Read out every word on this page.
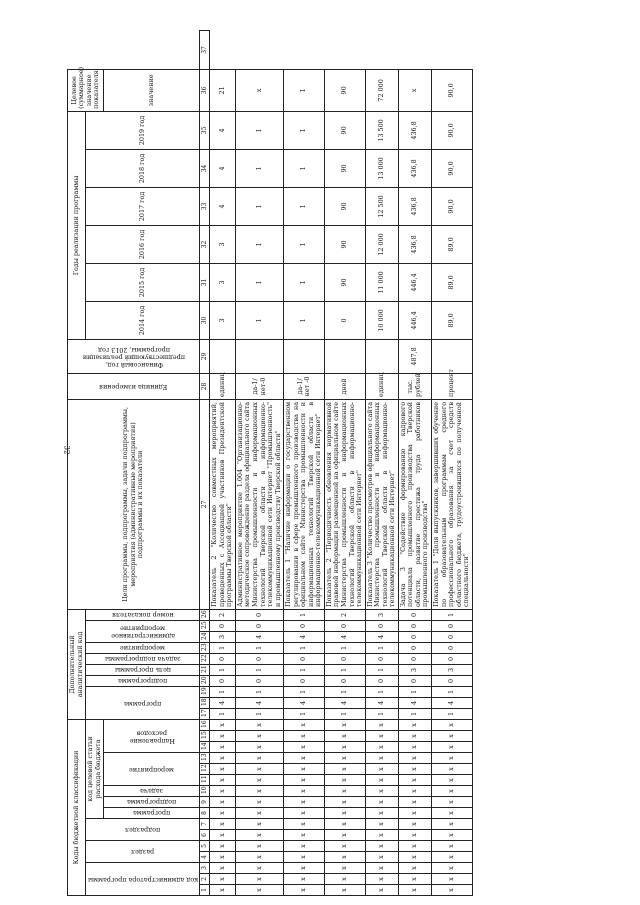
32
Коды бюджетной классификации																Дополнительный аналитический код										Цели программы, подпрограммы, задачи подпрограммы, мероприятия (административные мероприятия) подпрограммы и их показатели	Единица измерения	Финансовый год, предшествующий реализации программы, 2013 год	Годы реализации программы						Целевое (суммарное) значение показателя	

код администратора программы			раздел		подраздел		код целевой статьи расхода бюджета									программа			подпрограмма	цель программы	задача подпрограммы	мероприятие	административное мероприятие		номер показателя				2014 год	2015 год	2016 год	2017 год	2018 год	2019 год		

							программа	подпрограмма	задача	мероприятие			Направление расходов																						значение	
1	2	3	4	5	6	7	8	9	10	11	12	13	14	15	16	17	18	19	20	21	22	23	24	25	26	27	28	29	30	31	32	33	34	35	36	37
х	х	х	х	х	х	х	х	х	х	х	х	х	х	х	х	1	4	1	0	1	0	1	3	0	2	Показатель 2 "Количество совместных мероприятий, проведенных с Ассоциацией участников Президентской программы Тверской области"	единиц		3	3	3	4	4	4	21	
х	х	х	х	х	х	х	х	х	х	х	х	х	х	х	х	1	4	1	0	1	0	1	4	0	0	Административное мероприятие 1.004 "Организационно-методическое сопровождение раздела официального сайта Министерства промышленности и информационных технологий Тверской области в информационно-телекоммуникационной сети Интернет "Промышленность" и промышленному производству Тверской области"	да-1/ нет-0		1	1	1	1	1	1	х	
х	х	х	х	х	х	х	х	х	х	х	х	х	х	х	х	1	4	1	0	1	0	1	4	0	1	Показатель 1 "Наличие информации о государственном регулировании в сфере промышленного производства на официальном сайте Министерства промышленности и информационных технологий Тверской области в информационно-телекоммуникационной сети Интернет"	да-1/ нет -0		1	1	1	1	1	1	1	
х	х	х	х	х	х	х	х	х	х	х	х	х	х	х	х	1	4	1	0	1	0	1	4	0	2	Показатель 2 "Периодичность обновления нормативной правовой информации размещенной на официальном сайте Министерства промышленности и информационных технологий Тверской области в информационно-телекоммуникационной сети Интернет"	дней		0	90	90	90	90	90	90	
х	х	х	х	х	х	х	х	х	х	х	х	х	х	х	х	1	4	1	0	1	0	1	4	0	3	Показатель 3 "Количество просмотров официального сайта Министерства промышленности и информационных технологий Тверской области в информационно-телекоммуникационной сети Интернет"	единиц		10 000	11 000	12 000	12 500	13 000	13 500	72 000	
х	х	х	х	х	х	х	х	х	х	х	х	х	х	х	х	1	4	1	0	3	0	0	0	0	0	Задача 3 "Содействие формированию кадрового потенциала промышленного производства Тверской области, развитие престижа труда работников промышленного производства"	тыс. рублей	487,8	446,4	446,4	436,8	436,8	436,8	436,8	х	
х	х	х	х	х	х	х	х	х	х	х	х	х	х	х	х	1	4	1	0	3	0	0	0	0	1	Показатель 1 "Доля выпускников, завершивших обучение по образовательным программам среднего профессионального образования за счет средств областного бюджета, трудоустроившихся по полученной специальности"	процент		89,0	89,0	89,0	90,0	90,0	90,0	90,0	
